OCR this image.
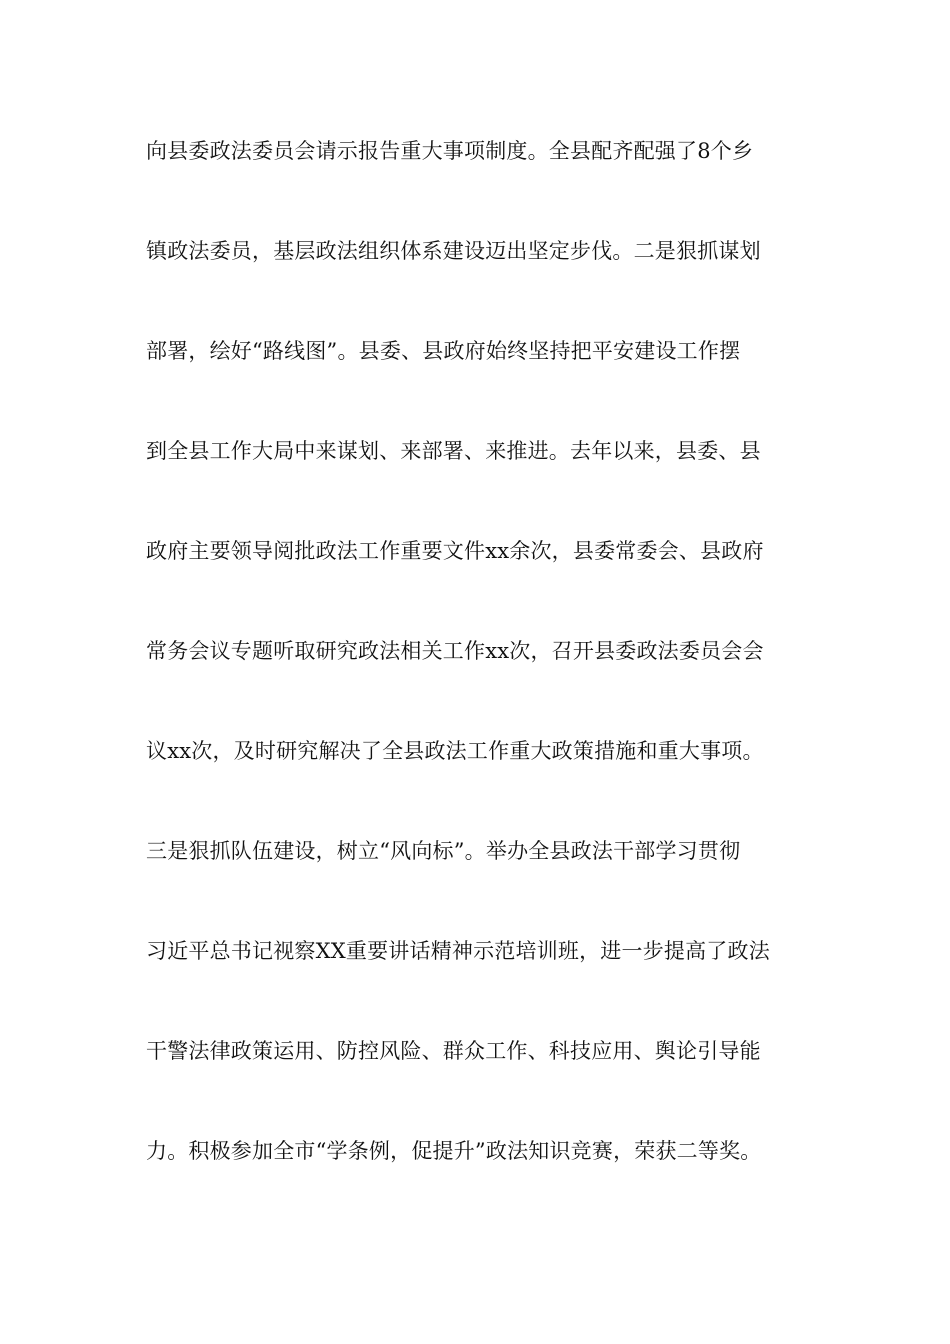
向县委政法委员会请示报告重大事项制度。全县配齐配强了8个乡
镇政法委员，基层政法组织体系建设迈出坚定步伐。二是狠抓谋划
部署，绘好“路线图”。县委、县政府始终坚持把平安建设工作摆
到全县工作大局中来谋划、来部署、来推进。去年以来，县委、县
政府主要领导阅批政法工作重要文件xx余次，县委常委会、县政府
常务会议专题听取研究政法相关工作xx次，召开县委政法委员会会
议xx次，及时研究解决了全县政法工作重大政策措施和重大事项。
三是狠抓队伍建设，树立“风向标”。举办全县政法干部学习贯彻
习近平总书记视察XX重要讲话精神示范培训班，进一步提高了政法
干警法律政策运用、防控风险、群众工作、科技应用、舆论引导能
力。积极参加全市“学条例，促提升”政法知识竞赛，荣获二等奖。
